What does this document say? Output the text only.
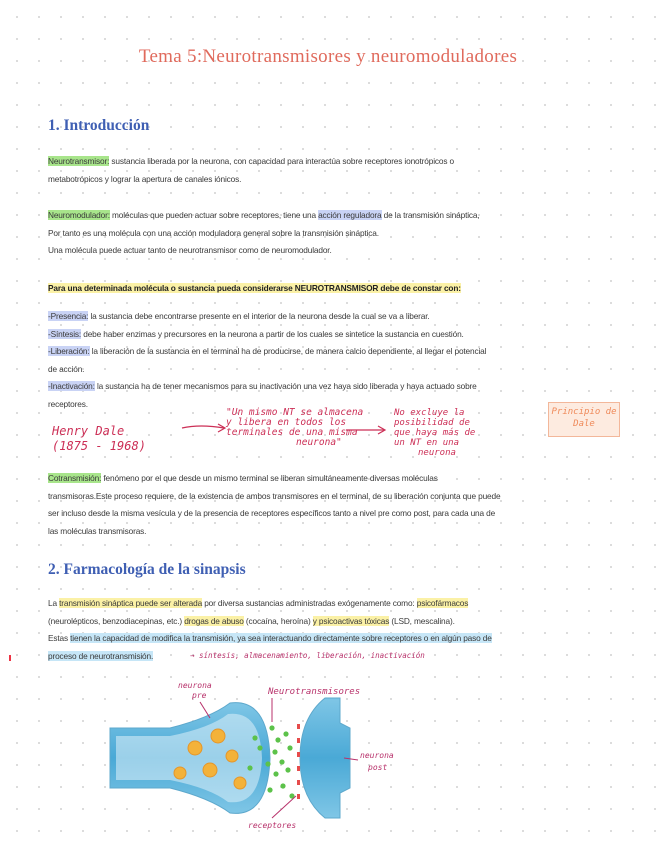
Tema 5:Neurotransmisores y neuromoduladores
1. Introducción
Neurotransmisor: sustancia liberada por la neurona, con capacidad para interactúa sobre receptores ionotrópicos o
metabotrópicos y lograr la apertura de canales iónicos.
Neuromodulador: moléculas que pueden actuar sobre receptores, tiene una acción reguladora de la transmisión sináptica,
Por tanto es una molécula con una acción moduladora general sobre la transmisión sináptica.
Una molécula puede actuar tanto de neurotransmisor como de neuromodulador.
Para una determinada molécula o sustancia pueda considerarse NEUROTRANSMISOR debe de constar con:
-Presencia: la sustancia debe encontrarse presente en el interior de la neurona desde la cual se va a liberar.
-Síntesis: debe haber enzimas y precursores en la neurona a partir de los cuales se sintetice la sustancia en cuestión.
-Liberación: la liberación de la sustancia en el terminal ha de producirse, de manera calcio dependiente, al llegar el potencial
de acción.
-Inactivación: la sustancia ha de tener mecanismos para su inactivación una vez haya sido liberada y haya actuado sobre
receptores.
Henry Dale
(1875 - 1968)
"Un mismo NT se almacena
y libera en todos los
terminales de una misma
neurona"
No excluye la
posibilidad de
que haya más de
un NT en una
neurona
Principio de
Dale
Cotransmisión: fenómeno por el que desde un mismo terminal se liberan simultáneamente diversas moléculas
transmisoras.Este proceso requiere, de la existencia de ambos transmisores en el terminal, de su liberación conjunta que puede
ser incluso desde la misma vesícula y de la presencia de receptores específicos tanto a nivel pre como post, para cada una de
las moléculas transmisoras.
2. Farmacología de la sinapsis
La transmisión sináptica puede ser alterada por diversa sustancias administradas exógenamente como: psicofármacos
(neurolépticos, benzodiacepinas, etc.) drogas de abuso (cocaína, heroína) y psicoactivas tóxicas (LSD, mescalina).
Estas tienen la capacidad de modifica la transmisión, ya sea interactuando directamente sobre receptores o en algún paso de
proceso de neurotransmisión.	→ síntesis, almacenamiento, liberación, inactivación
neurona
pre	Neurotransmisores
neurona
post
receptores
